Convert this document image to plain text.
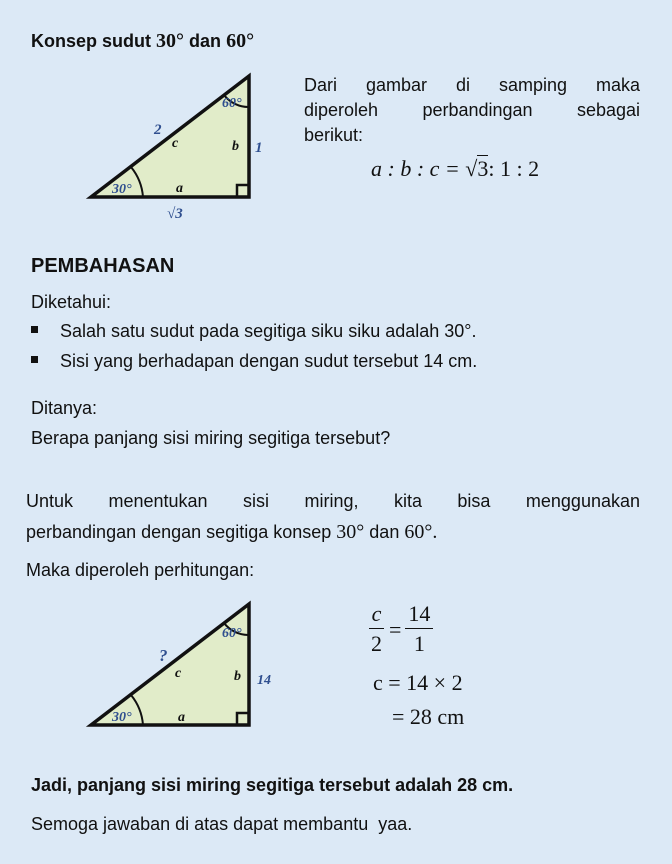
Konsep sudut 30° dan 60°
60°
30°
2
c	b 1
a
√3
Dari gambar di samping maka
diperoleh perbandingan sebagai
berikut:
a : b : c = √3: 1 : 2
PEMBAHASAN
Diketahui:
Salah satu sudut pada segitiga siku siku adalah 30°.
Sisi yang berhadapan dengan sudut tersebut 14 cm.
Ditanya:
Berapa panjang sisi miring segitiga tersebut?
Untuk menentukan sisi miring, kita bisa menggunakan
perbandingan dengan segitiga konsep 30° dan 60°.
Maka diperoleh perhitungan:
60°
30°
?
c	b 14
a
$\frac{c}{2} = \frac{14}{1}$
c = 14 × 2
= 28 cm
Jadi, panjang sisi miring segitiga tersebut adalah 28 cm.
Semoga jawaban di atas dapat membantu  yaa.
